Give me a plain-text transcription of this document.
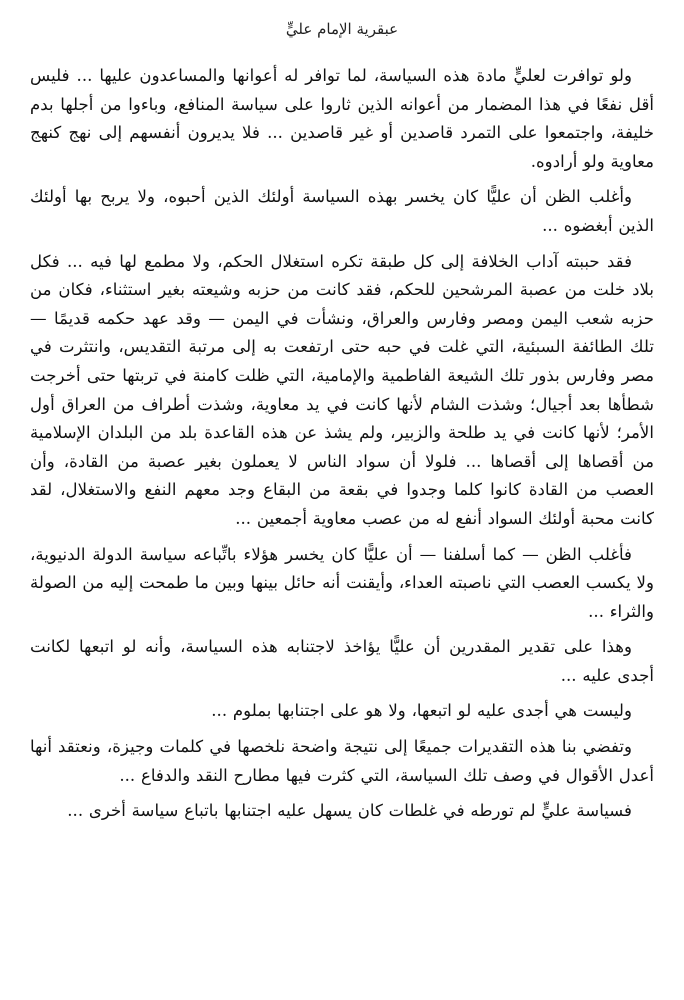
عبقرية الإمام عليٍّ

ولو توافرت لعليٍّ مادة هذه السياسة، لما توافر له أعوانها والمساعدون عليها ... فليس أقل نفعًا في هذا المضمار من أعوانه الذين ثاروا على سياسة المنافع، وباءوا من أجلها بدم خليفة، واجتمعوا على التمرد قاصدين أو غير قاصدين ... فلا يديرون أنفسهم إلى نهج كنهج معاوية ولو أرادوه.

وأغلب الظن أن عليًّا كان يخسر بهذه السياسة أولئك الذين أحبوه، ولا يربح بها أولئك الذين أبغضوه ...

فقد حببته آداب الخلافة إلى كل طبقة تكره استغلال الحكم، ولا مطمع لها فيه ... فكل بلاد خلت من عصبة المرشحين للحكم، فقد كانت من حزبه وشيعته بغير استثناء، فكان من حزبه شعب اليمن ومصر وفارس والعراق، ونشأت في اليمن — وقد عهد حكمه قديمًا — تلك الطائفة السبئية، التي غلت في حبه حتى ارتفعت به إلى مرتبة التقديس، وانتثرت في مصر وفارس بذور تلك الشيعة الفاطمية والإمامية، التي ظلت كامنة في تربتها حتى أخرجت شطأها بعد أجيال؛ وشذت الشام لأنها كانت في يد معاوية، وشذت أطراف من العراق أول الأمر؛ لأنها كانت في يد طلحة والزبير، ولم يشذ عن هذه القاعدة بلد من البلدان الإسلامية من أقصاها إلى أقصاها ... فلولا أن سواد الناس لا يعملون بغير عصبة من القادة، وأن العصب من القادة كانوا كلما وجدوا في بقعة من البقاع وجد معهم النفع والاستغلال، لقد كانت محبة أولئك السواد أنفع له من عصب معاوية أجمعين ...

فأغلب الظن — كما أسلفنا — أن عليًّا كان يخسر هؤلاء باتِّباعه سياسة الدولة الدنيوية، ولا يكسب العصب التي ناصبته العداء، وأيقنت أنه حائل بينها وبين ما طمحت إليه من الصولة والثراء ...

وهذا على تقدير المقدرين أن عليًّا يؤاخذ لاجتنابه هذه السياسة، وأنه لو اتبعها لكانت أجدى عليه ...

وليست هي أجدى عليه لو اتبعها، ولا هو على اجتنابها بملوم ...

وتفضي بنا هذه التقديرات جميعًا إلى نتيجة واضحة نلخصها في كلمات وجيزة، ونعتقد أنها أعدل الأقوال في وصف تلك السياسة، التي كثرت فيها مطارح النقد والدفاع ...

فسياسة عليٍّ لم تورطه في غلطات كان يسهل عليه اجتنابها باتباع سياسة أخرى ...
